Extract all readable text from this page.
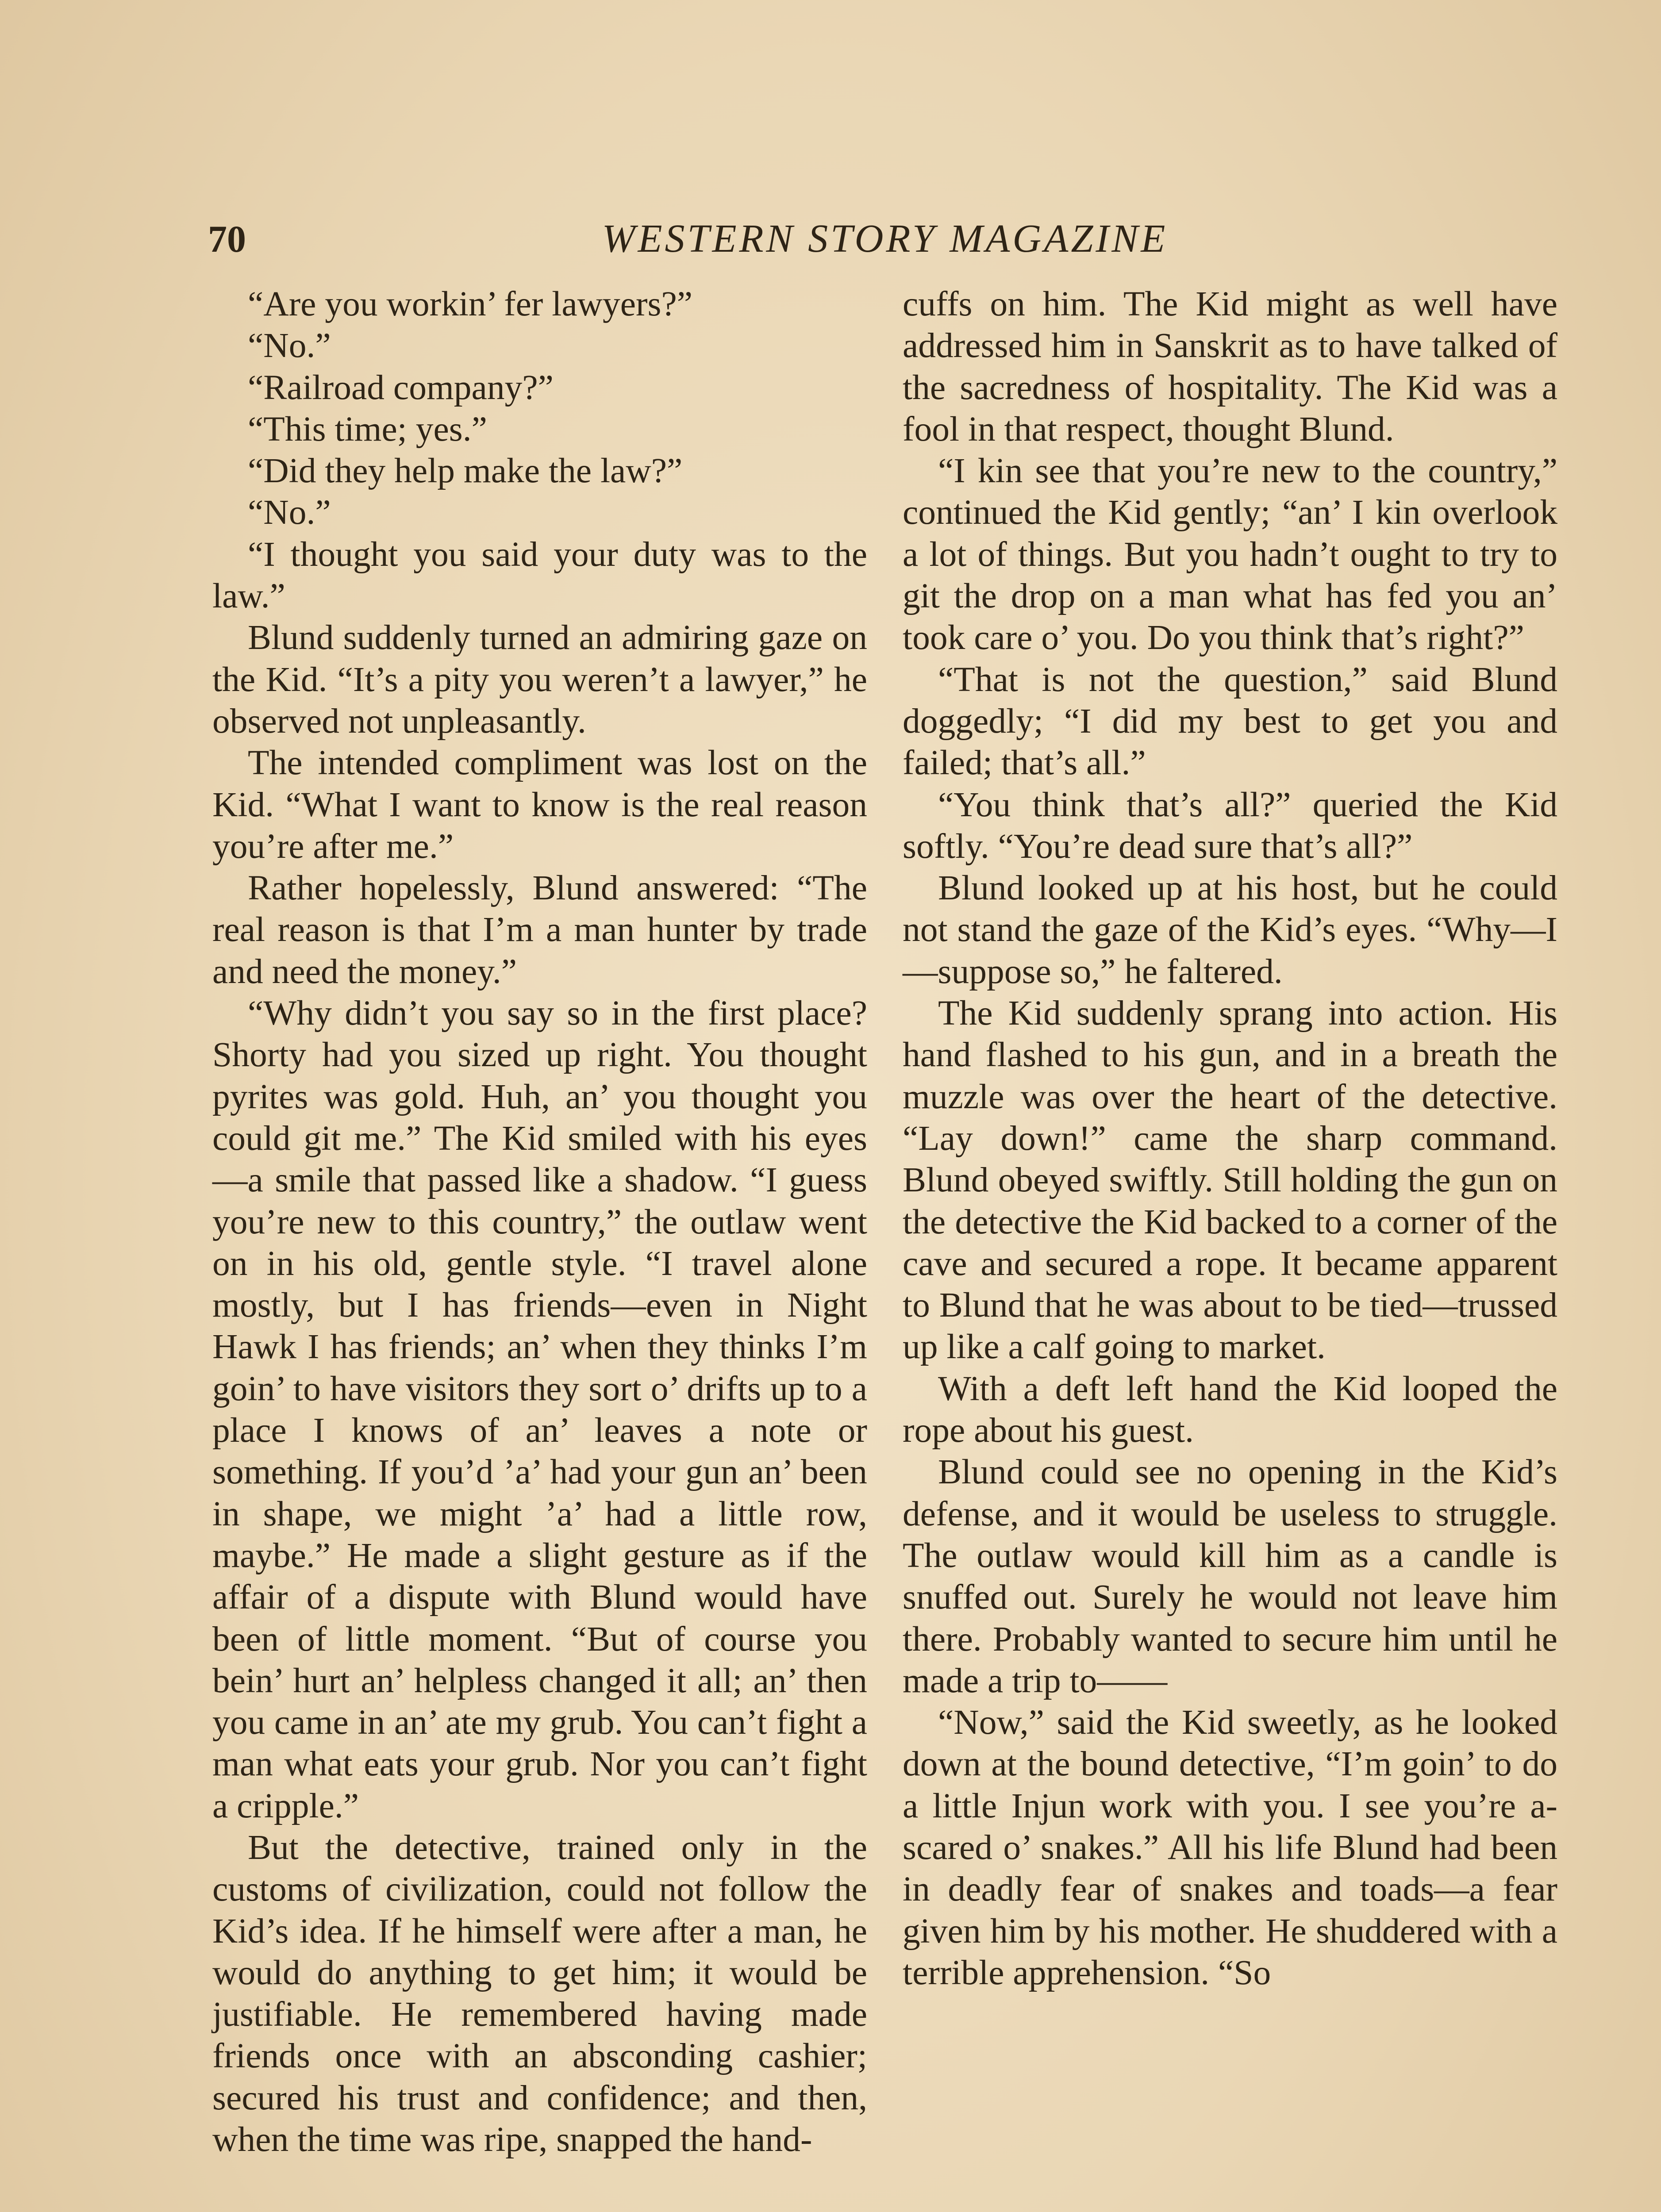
70	WESTERN STORY MAGAZINE

“Are you workin’ fer lawyers?”

“No.”

“Railroad company?”

“This time; yes.”

“Did they help make the law?”

“No.”

“I thought you said your duty was to the law.”

Blund suddenly turned an admiring gaze on the Kid. “It’s a pity you weren’t a lawyer,” he observed not unpleasantly.

The intended compliment was lost on the Kid. “What I want to know is the real reason you’re after me.”

Rather hopelessly, Blund answered: “The real reason is that I’m a man hunter by trade and need the money.”

“Why didn’t you say so in the first place? Shorty had you sized up right. You thought pyrites was gold. Huh, an’ you thought you could git me.” The Kid smiled with his eyes—a smile that passed like a shadow. “I guess you’re new to this country,” the outlaw went on in his old, gentle style. “I travel alone mostly, but I has friends—even in Night Hawk I has friends; an’ when they thinks I’m goin’ to have visitors they sort o’ drifts up to a place I knows of an’ leaves a note or something. If you’d ’a’ had your gun an’ been in shape, we might ’a’ had a little row, maybe.” He made a slight gesture as if the affair of a dispute with Blund would have been of little moment. “But of course you bein’ hurt an’ helpless changed it all; an’ then you came in an’ ate my grub. You can’t fight a man what eats your grub. Nor you can’t fight a cripple.”

But the detective, trained only in the customs of civilization, could not follow the Kid’s idea. If he himself were after a man, he would do anything to get him; it would be justifiable. He remembered having made friends once with an absconding cashier; secured his trust and confidence; and then, when the time was ripe, snapped the hand-

cuffs on him. The Kid might as well have addressed him in Sanskrit as to have talked of the sacredness of hospitality. The Kid was a fool in that respect, thought Blund.

“I kin see that you’re new to the country,” continued the Kid gently; “an’ I kin overlook a lot of things. But you hadn’t ought to try to git the drop on a man what has fed you an’ took care o’ you. Do you think that’s right?”

“That is not the question,” said Blund doggedly; “I did my best to get you and failed; that’s all.”

“You think that’s all?” queried the Kid softly. “You’re dead sure that’s all?”

Blund looked up at his host, but he could not stand the gaze of the Kid’s eyes. “Why—I—suppose so,” he faltered.

The Kid suddenly sprang into action. His hand flashed to his gun, and in a breath the muzzle was over the heart of the detective. “Lay down!” came the sharp command. Blund obeyed swiftly. Still holding the gun on the detective the Kid backed to a corner of the cave and secured a rope. It became apparent to Blund that he was about to be tied—trussed up like a calf going to market.

With a deft left hand the Kid looped the rope about his guest.

Blund could see no opening in the Kid’s defense, and it would be useless to struggle. The outlaw would kill him as a candle is snuffed out. Surely he would not leave him there. Probably wanted to secure him until he made a trip to——

“Now,” said the Kid sweetly, as he looked down at the bound detective, “I’m goin’ to do a little Injun work with you. I see you’re a-scared o’ snakes.” All his life Blund had been in deadly fear of snakes and toads—a fear given him by his mother. He shuddered with a terrible apprehension. “So
